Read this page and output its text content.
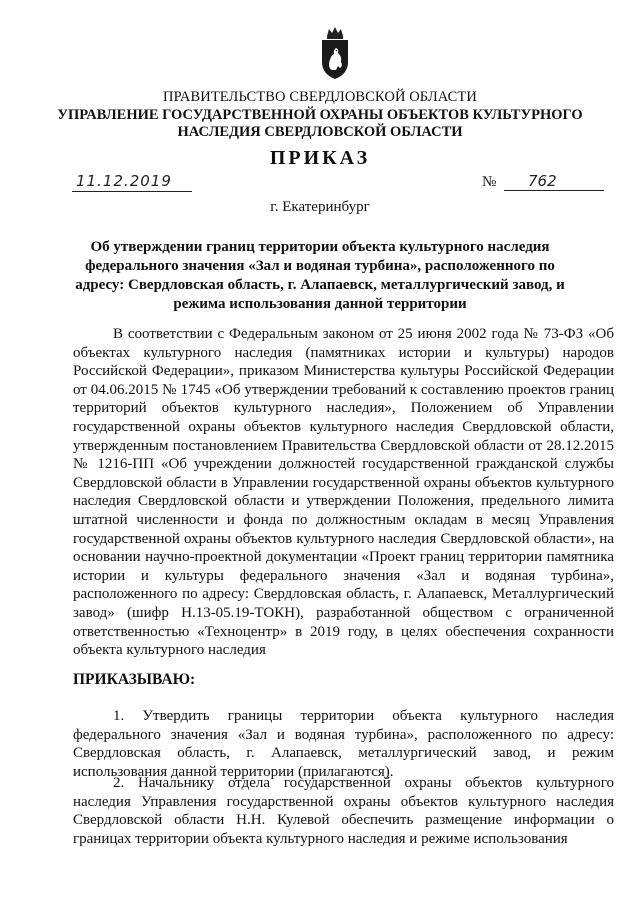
ПРАВИТЕЛЬСТВО СВЕРДЛОВСКОЙ ОБЛАСТИ
УПРАВЛЕНИЕ ГОСУДАРСТВЕННОЙ ОХРАНЫ ОБЪЕКТОВ КУЛЬТУРНОГО НАСЛЕДИЯ СВЕРДЛОВСКОЙ ОБЛАСТИ
ПРИКАЗ
11.12.2019	№	762
г. Екатеринбург
Об утверждении границ территории объекта культурного наследия федерального значения «Зал и водяная турбина», расположенного по адресу: Свердловская область, г. Алапаевск, металлургический завод, и режима использования данной территории
В соответствии с Федеральным законом от 25 июня 2002 года № 73-ФЗ «Об объектах культурного наследия (памятниках истории и культуры) народов Российской Федерации», приказом Министерства культуры Российской Федерации от 04.06.2015 № 1745 «Об утверждении требований к составлению проектов границ территорий объектов культурного наследия», Положением об Управлении государственной охраны объектов культурного наследия Свердловской области, утвержденным постановлением Правительства Свердловской области от 28.12.2015 № 1216-ПП «Об учреждении должностей государственной гражданской службы Свердловской области в Управлении государственной охраны объектов культурного наследия Свердловской области и утверждении Положения, предельного лимита штатной численности и фонда по должностным окладам в месяц Управления государственной охраны объектов культурного наследия Свердловской области», на основании научно-проектной документации «Проект границ территории памятника истории и культуры федерального значения «Зал и водяная турбина», расположенного по адресу: Свердловская область, г. Алапаевск, Металлургический завод» (шифр Н.13-05.19-ТОКН), разработанной обществом с ограниченной ответственностью «Техноцентр» в 2019 году, в целях обеспечения сохранности объекта культурного наследия
ПРИКАЗЫВАЮ:
1. Утвердить границы территории объекта культурного наследия федерального значения «Зал и водяная турбина», расположенного по адресу: Свердловская область, г. Алапаевск, металлургический завод, и режим использования данной территории (прилагаются).
2. Начальнику отдела государственной охраны объектов культурного наследия Управления государственной охраны объектов культурного наследия Свердловской области Н.Н. Кулевой обеспечить размещение информации о границах территории объекта культурного наследия и режиме использования
